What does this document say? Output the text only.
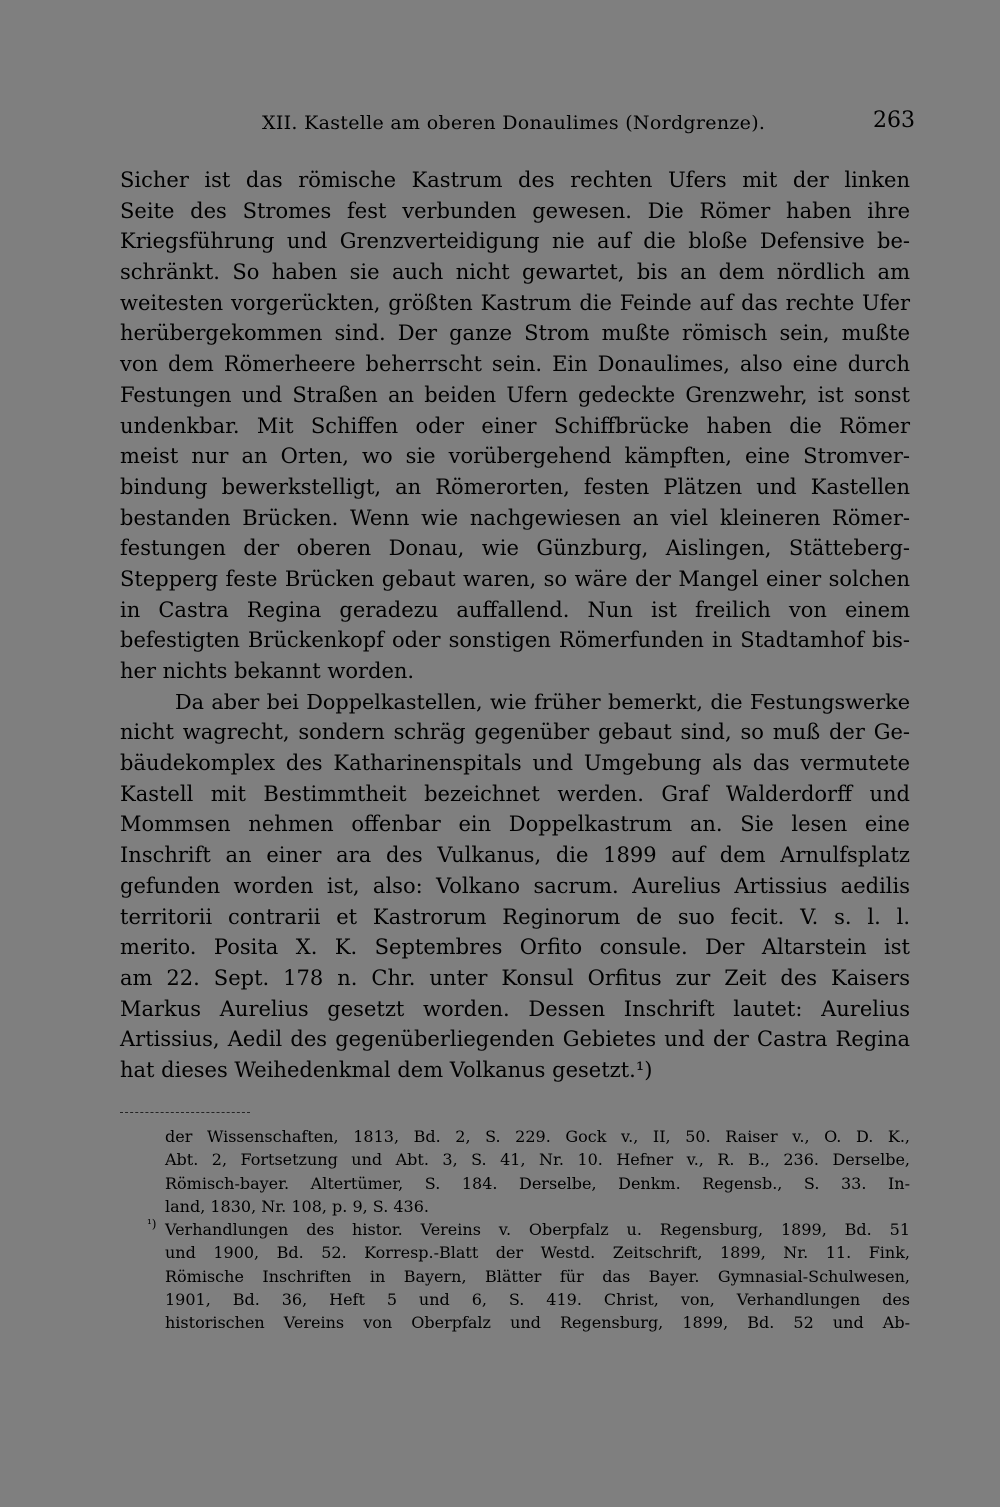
XII. Kastelle am oberen Donaulimes (Nordgrenze).	263
Sicher ist das römische Kastrum des rechten Ufers mit der linken
Seite des Stromes fest verbunden gewesen. Die Römer haben ihre
Kriegsführung und Grenzverteidigung nie auf die bloße Defensive be-
schränkt. So haben sie auch nicht gewartet, bis an dem nördlich am
weitesten vorgerückten, größten Kastrum die Feinde auf das rechte Ufer
herübergekommen sind. Der ganze Strom mußte römisch sein, mußte
von dem Römerheere beherrscht sein. Ein Donaulimes, also eine durch
Festungen und Straßen an beiden Ufern gedeckte Grenzwehr, ist sonst
undenkbar. Mit Schiffen oder einer Schiffbrücke haben die Römer
meist nur an Orten, wo sie vorübergehend kämpften, eine Stromver-
bindung bewerkstelligt, an Römerorten, festen Plätzen und Kastellen
bestanden Brücken. Wenn wie nachgewiesen an viel kleineren Römer-
festungen der oberen Donau, wie Günzburg, Aislingen, Stätteberg-
Stepperg feste Brücken gebaut waren, so wäre der Mangel einer solchen
in Castra Regina geradezu auffallend. Nun ist freilich von einem
befestigten Brückenkopf oder sonstigen Römerfunden in Stadtamhof bis-
her nichts bekannt worden.
Da aber bei Doppelkastellen, wie früher bemerkt, die Festungswerke
nicht wagrecht, sondern schräg gegenüber gebaut sind, so muß der Ge-
bäudekomplex des Katharinenspitals und Umgebung als das vermutete
Kastell mit Bestimmtheit bezeichnet werden. Graf Walderdorff und
Mommsen nehmen offenbar ein Doppelkastrum an. Sie lesen eine
Inschrift an einer ara des Vulkanus, die 1899 auf dem Arnulfsplatz
gefunden worden ist, also: Volkano sacrum. Aurelius Artissius aedilis
territorii contrarii et Kastrorum Reginorum de suo fecit. V. s. l. l.
merito. Posita X. K. Septembres Orfito consule. Der Altarstein ist
am 22. Sept. 178 n. Chr. unter Konsul Orfitus zur Zeit des Kaisers
Markus Aurelius gesetzt worden. Dessen Inschrift lautet: Aurelius
Artissius, Aedil des gegenüberliegenden Gebietes und der Castra Regina
hat dieses Weihedenkmal dem Volkanus gesetzt.¹)
der Wissenschaften, 1813, Bd. 2, S. 229. Gock v., II, 50. Raiser v., O. D. K.,
Abt. 2, Fortsetzung und Abt. 3, S. 41, Nr. 10. Hefner v., R. B., 236. Derselbe,
Römisch-bayer. Altertümer, S. 184. Derselbe, Denkm. Regensb., S. 33. In-
land, 1830, Nr. 108, p. 9, S. 436.
¹) Verhandlungen des histor. Vereins v. Oberpfalz u. Regensburg, 1899, Bd. 51
und 1900, Bd. 52. Korresp.-Blatt der Westd. Zeitschrift, 1899, Nr. 11. Fink,
Römische Inschriften in Bayern, Blätter für das Bayer. Gymnasial-Schulwesen,
1901, Bd. 36, Heft 5 und 6, S. 419. Christ, von, Verhandlungen des
historischen Vereins von Oberpfalz und Regensburg, 1899, Bd. 52 und Ab-
